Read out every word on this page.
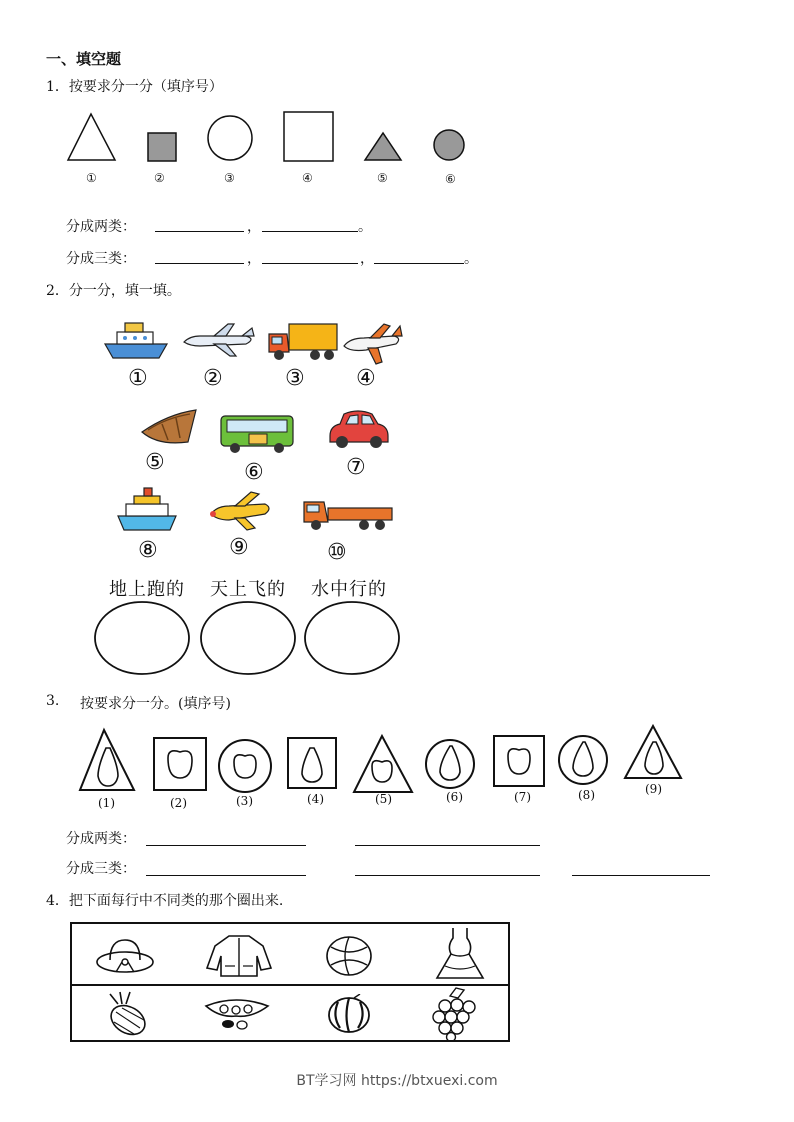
一、填空题
1．按要求分一分（填序号）
①	②	③	④	⑤	⑥
分成两类：	，	。
分成三类：	，	，	。
2．分一分，填一填。
①	②	③ ④
⑤	⑥	⑦
⑧	⑨	⑩
地上跑的 天上飞的 水中行的
3. 按要求分一分。(填序号)
(1)	(2)	(3)	(4)	(5)	(6)	(7)	(8)	(9)
分成两类：
分成三类：
4．把下面每行中不同类的那个圈出来.
BT学习网 https://btxuexi.com
